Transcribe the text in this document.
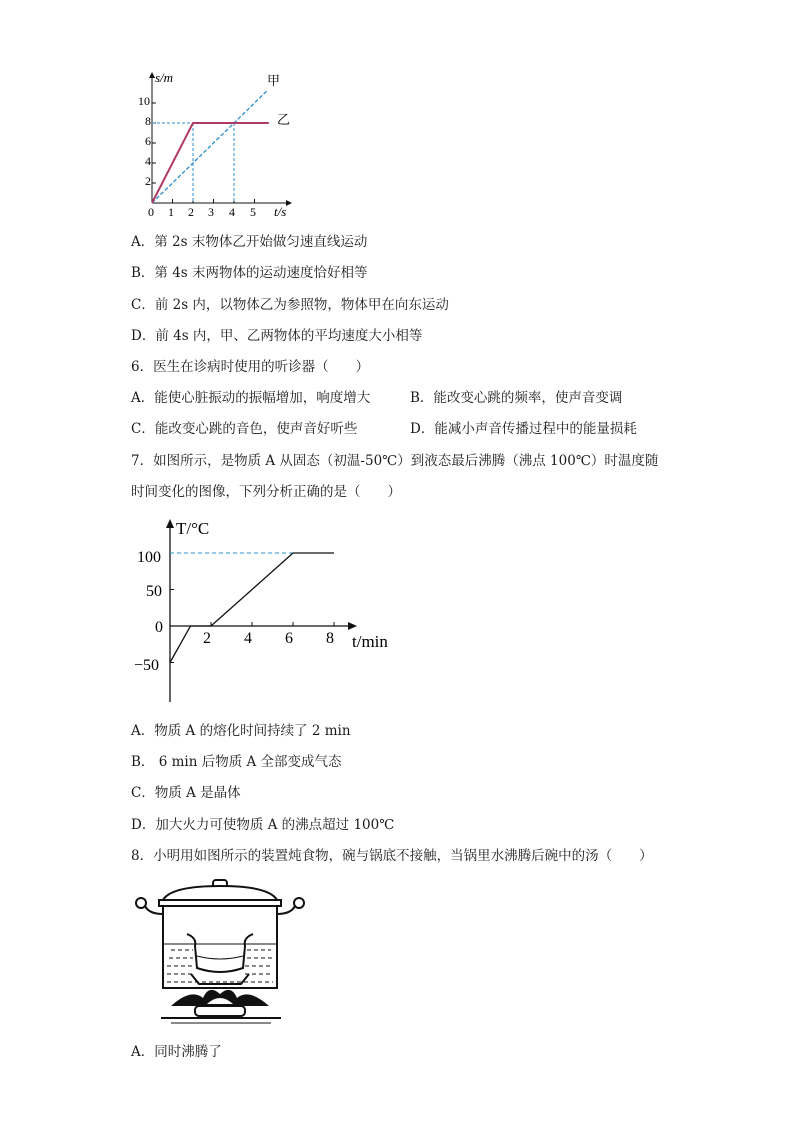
s/m
t/s
0
2
4
6
8
10
1 2 3 4 5
甲
乙
A．第 2s 末物体乙开始做匀速直线运动
B．第 4s 末两物体的运动速度恰好相等
C．前 2s 内，以物体乙为参照物，物体甲在向东运动
D．前 4s 内，甲、乙两物体的平均速度大小相等
6．医生在诊病时使用的听诊器（　　）
A．能使心脏振动的振幅增加，响度增大	B．能改变心跳的频率，使声音变调
C．能改变心跳的音色，使声音好听些	D．能减小声音传播过程中的能量损耗
7．如图所示，是物质 A 从固态（初温-50℃）到液态最后沸腾（沸点 100℃）时温度随
时间变化的图像，下列分析正确的是（　　）
T/°C
t/min
100
50
0
−50
2 4 6 8
A．物质 A 的熔化时间持续了 2 min
B． 6 min 后物质 A 全部变成气态
C．物质 A 是晶体
D．加大火力可使物质 A 的沸点超过 100℃
8．小明用如图所示的装置炖食物，碗与锅底不接触，当锅里水沸腾后碗中的汤（　　）
A．同时沸腾了
